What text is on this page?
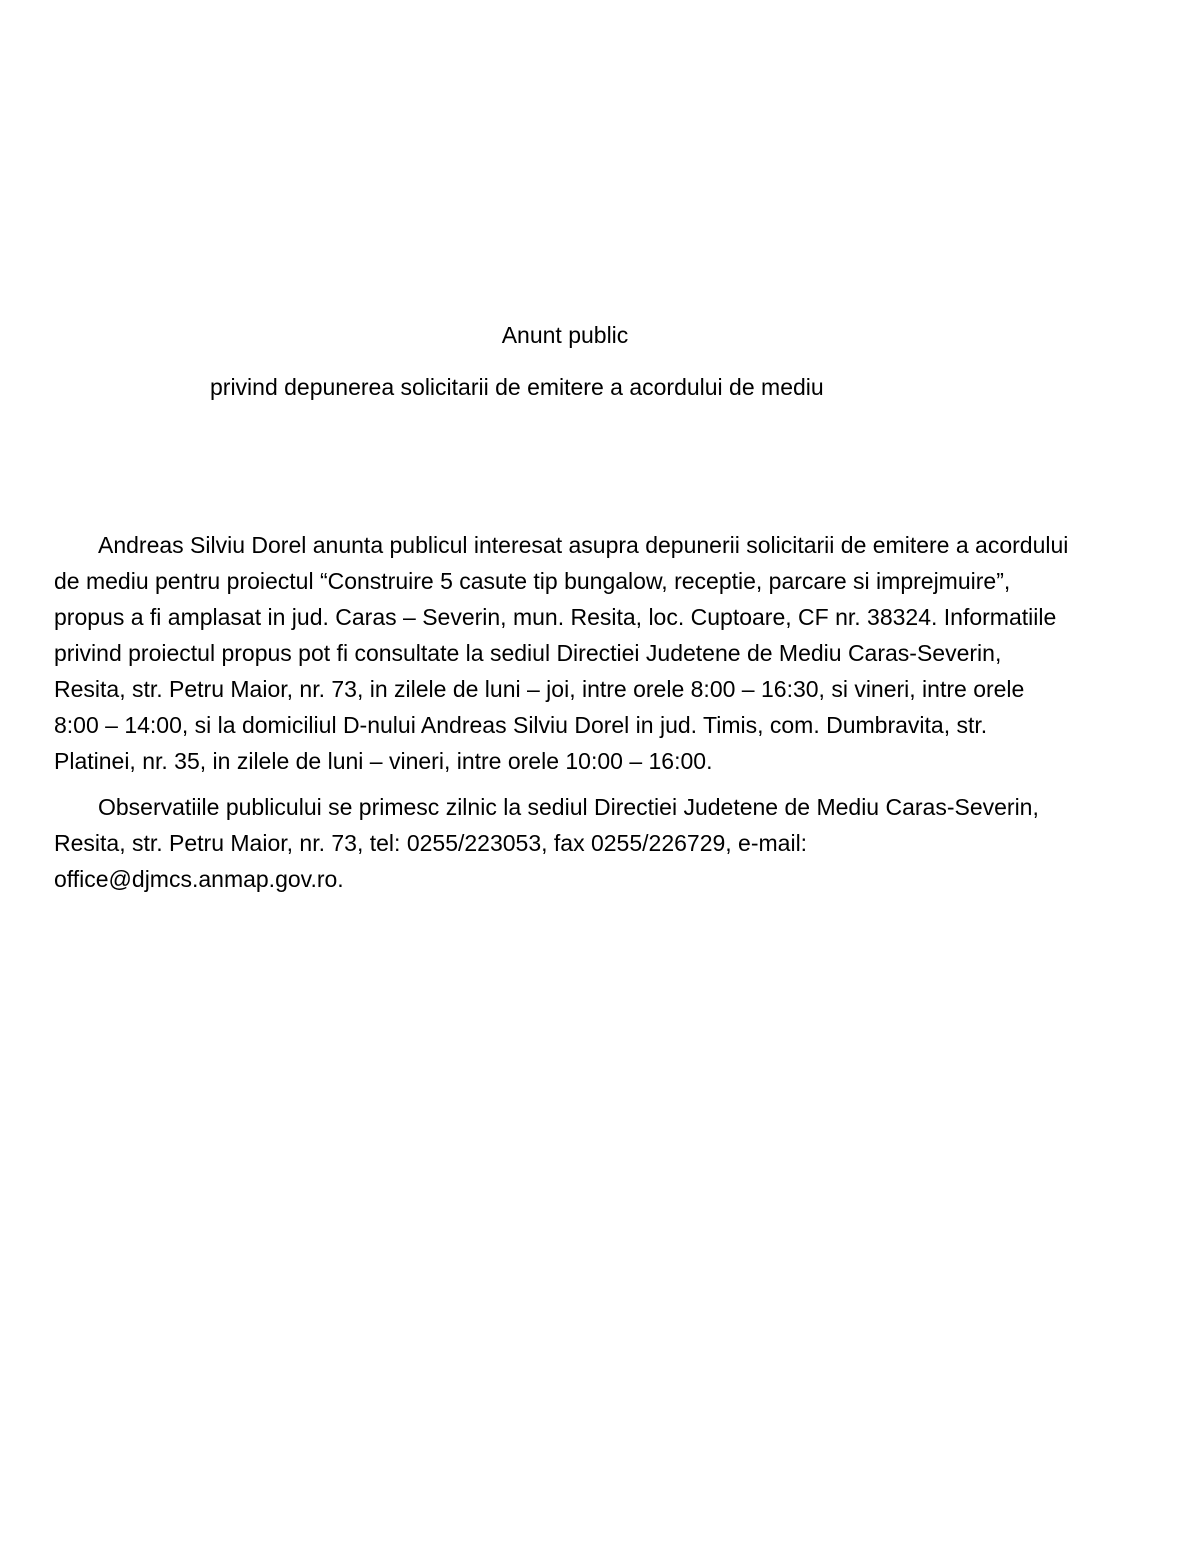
Anunt public
privind depunerea solicitarii de emitere a acordului de mediu

Andreas Silviu Dorel anunta publicul interesat asupra depunerii solicitarii de emitere a acordului de mediu pentru proiectul “Construire 5 casute tip bungalow, receptie, parcare si imprejmuire”, propus a fi amplasat in jud. Caras – Severin, mun. Resita, loc. Cuptoare, CF nr. 38324. Informatiile privind proiectul propus pot fi consultate la sediul Directiei Judetene de Mediu Caras-Severin, Resita, str. Petru Maior, nr. 73, in zilele de luni – joi, intre orele 8:00 – 16:30, si vineri, intre orele 8:00 – 14:00, si la domiciliul D-nului Andreas Silviu Dorel in jud. Timis, com. Dumbravita, str. Platinei, nr. 35, in zilele de luni – vineri, intre orele 10:00 – 16:00.

Observatiile publicului se primesc zilnic la sediul Directiei Judetene de Mediu Caras-Severin, Resita, str. Petru Maior, nr. 73, tel: 0255/223053, fax 0255/226729, e-mail: office@djmcs.anmap.gov.ro.
